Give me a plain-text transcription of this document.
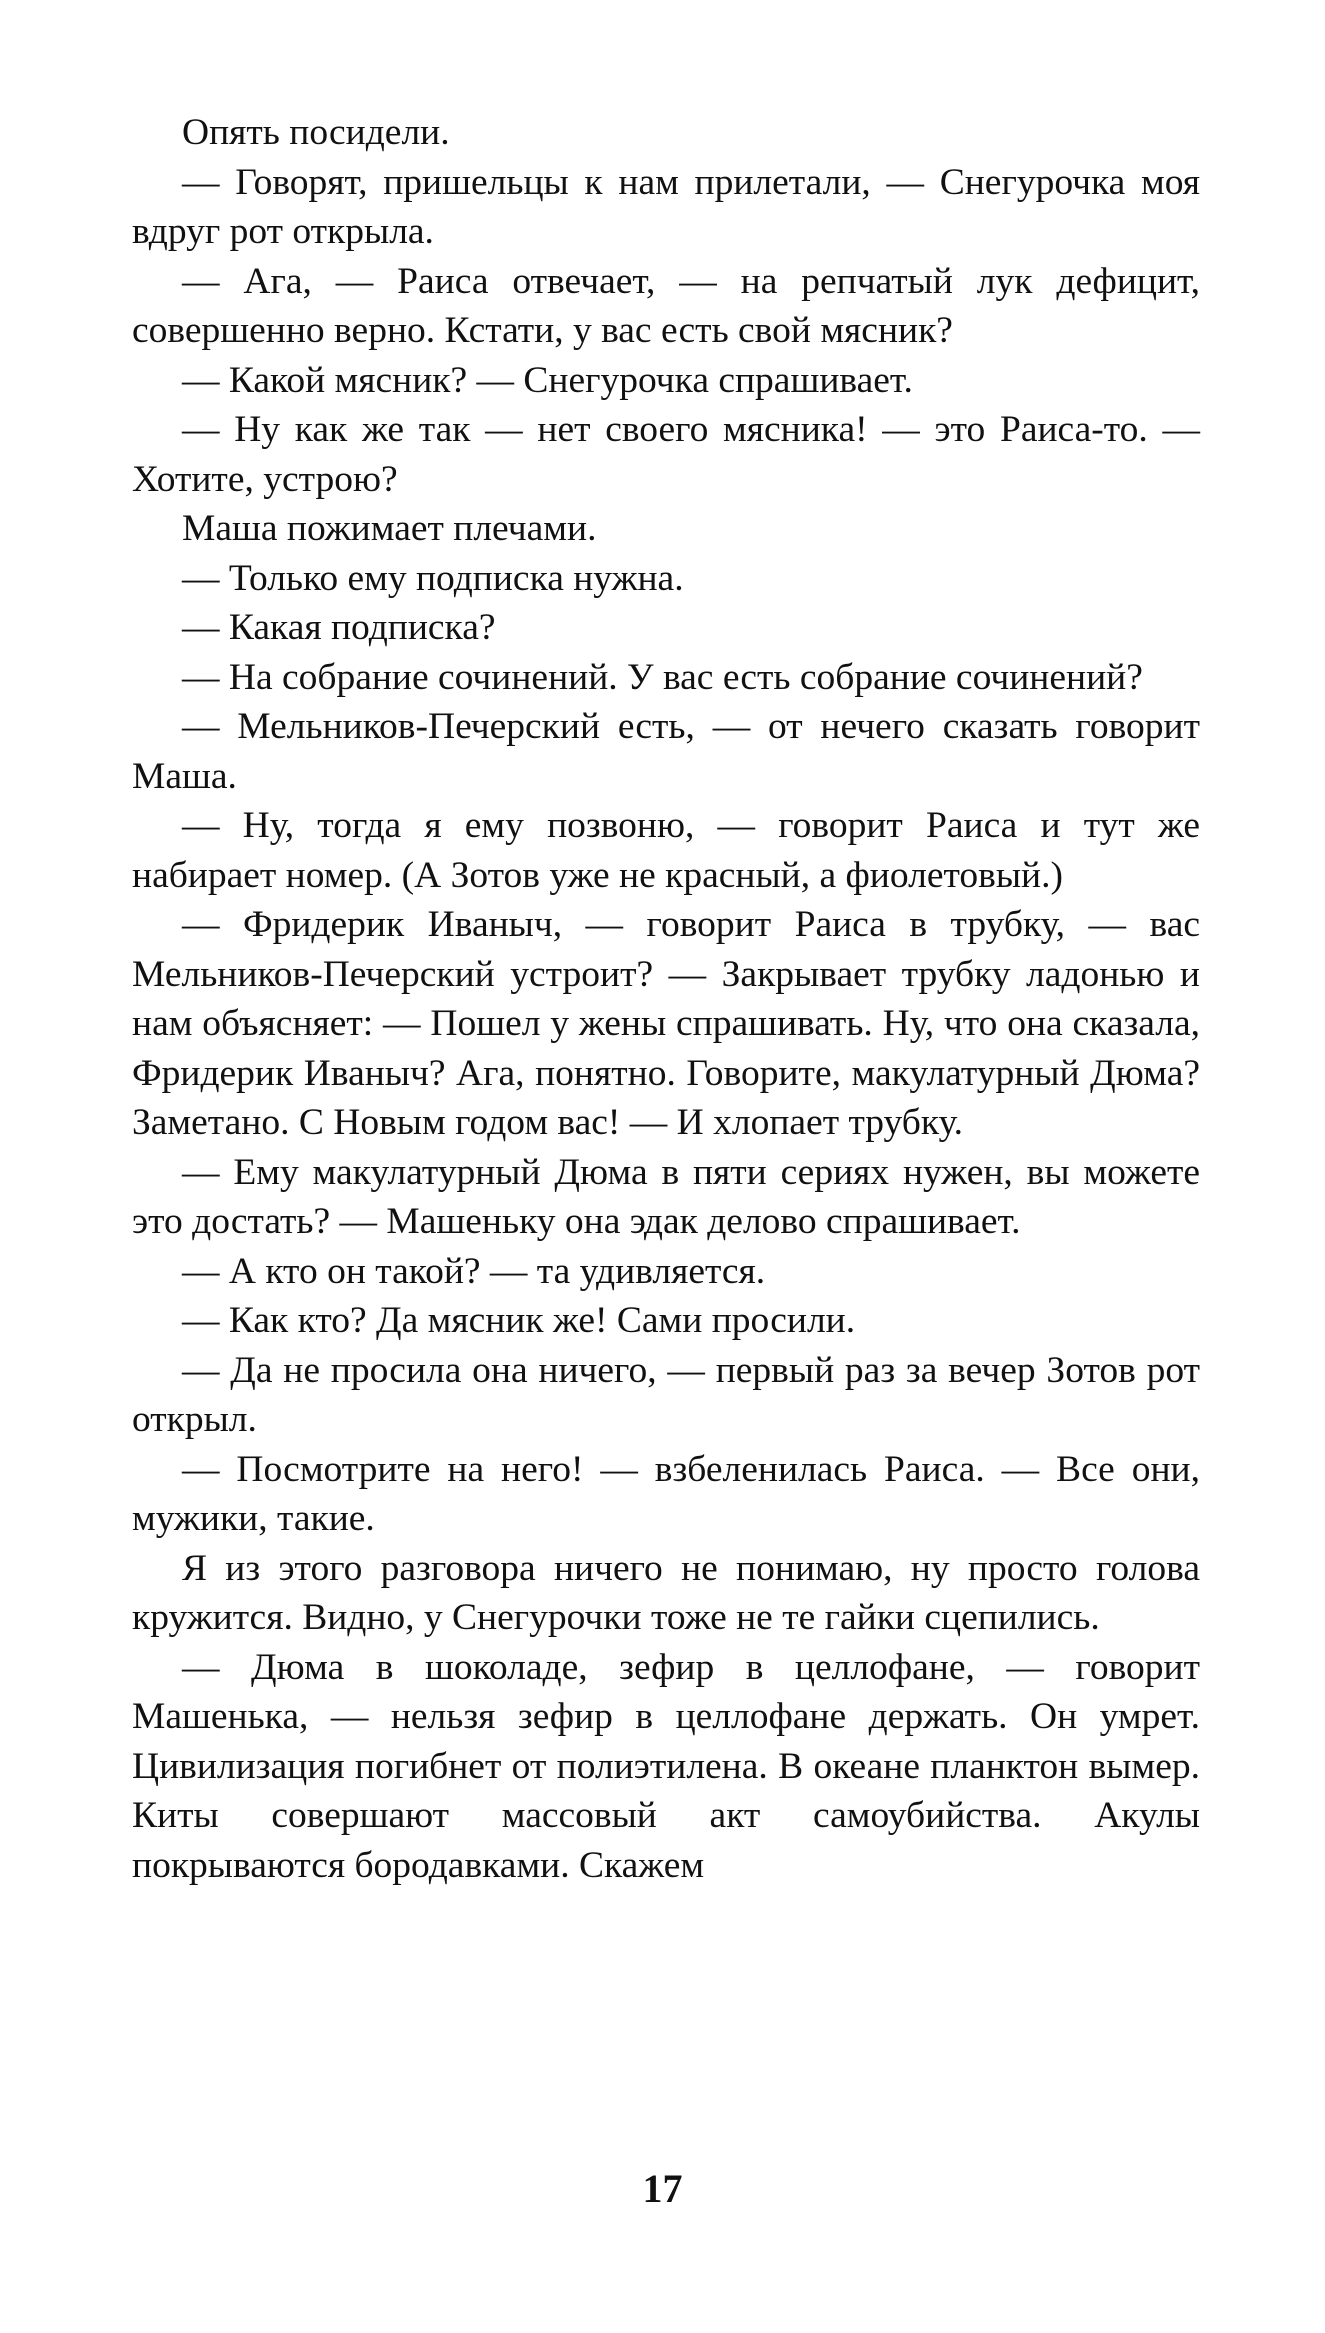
Опять посидели.

— Говорят, пришельцы к нам прилетали, — Снегурочка моя вдруг рот открыла.

— Ага, — Раиса отвечает, — на репчатый лук дефицит, совершенно верно. Кстати, у вас есть свой мясник?

— Какой мясник? — Снегурочка спрашивает.

— Ну как же так — нет своего мясника! — это Раиса-то. — Хотите, устрою?

Маша пожимает плечами.

— Только ему подписка нужна.

— Какая подписка?

— На собрание сочинений. У вас есть собрание сочинений?

— Мельников-Печерский есть, — от нечего сказать говорит Маша.

— Ну, тогда я ему позвоню, — говорит Раиса и тут же набирает номер. (А Зотов уже не красный, а фиолетовый.)

— Фридерик Иваныч, — говорит Раиса в трубку, — вас Мельников-Печерский устроит? — Закрывает трубку ладонью и нам объясняет: — Пошел у жены спрашивать. Ну, что она сказала, Фридерик Иваныч? Ага, понятно. Говорите, макулатурный Дюма? Заметано. С Новым годом вас! — И хлопает трубку.

— Ему макулатурный Дюма в пяти сериях нужен, вы можете это достать? — Машеньку она эдак делово спрашивает.

— А кто он такой? — та удивляется.

— Как кто? Да мясник же! Сами просили.

— Да не просила она ничего, — первый раз за вечер Зотов рот открыл.

— Посмотрите на него! — взбеленилась Раиса. — Все они, мужики, такие.

Я из этого разговора ничего не понимаю, ну просто голова кружится. Видно, у Снегурочки тоже не те гайки сцепились.

— Дюма в шоколаде, зефир в целлофане, — говорит Машенька, — нельзя зефир в целлофане держать. Он умрет. Цивилизация погибнет от полиэтилена. В океане планктон вымер. Киты совершают массовый акт самоубийства. Акулы покрываются бородавками. Скажем

17
